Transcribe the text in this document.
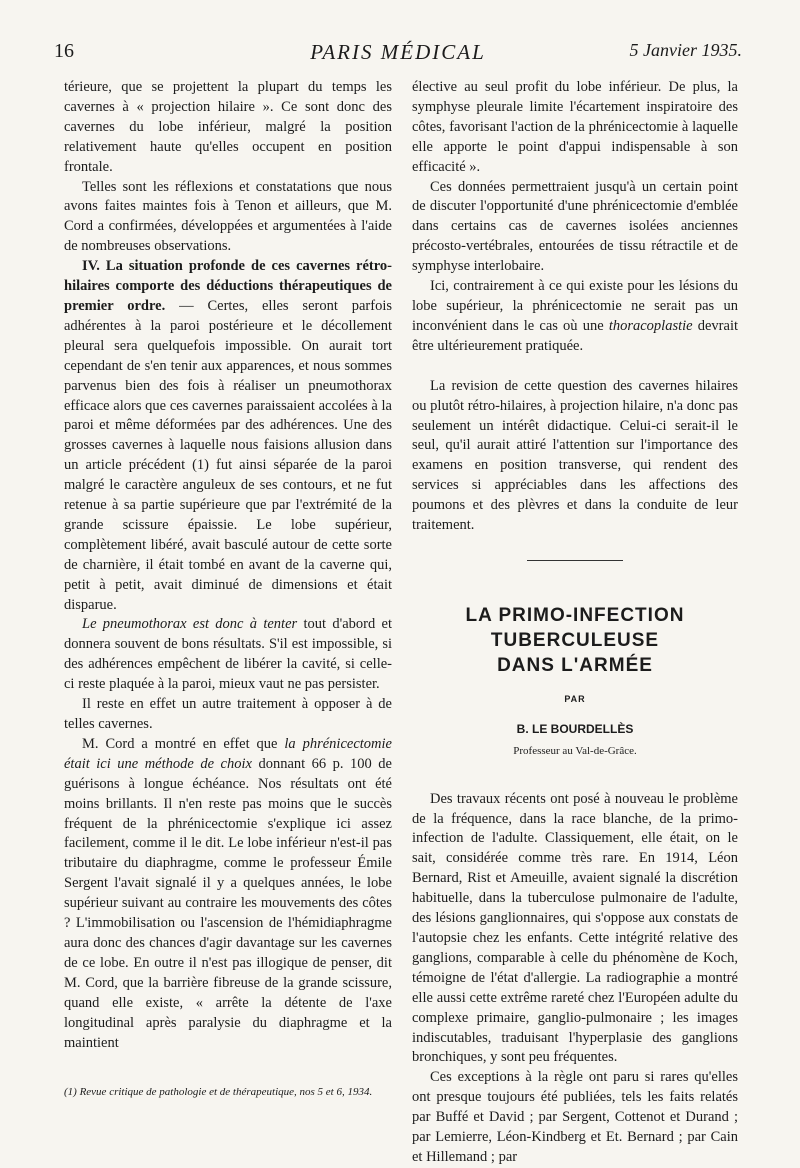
16	PARIS MÉDICAL	5 Janvier 1935.

térieure, que se projettent la plupart du temps les cavernes à « projection hilaire ». Ce sont donc des cavernes du lobe inférieur, malgré la position relativement haute qu'elles occupent en position frontale.

Telles sont les réflexions et constatations que nous avons faites maintes fois à Tenon et ailleurs, que M. Cord a confirmées, développées et argumentées à l'aide de nombreuses observations.

IV. La situation profonde de ces cavernes rétro-hilaires comporte des déductions thérapeutiques de premier ordre. — Certes, elles seront parfois adhérentes à la paroi postérieure et le décollement pleural sera quelquefois impossible. On aurait tort cependant de s'en tenir aux apparences, et nous sommes parvenus bien des fois à réaliser un pneumothorax efficace alors que ces cavernes paraissaient accolées à la paroi et même déformées par des adhérences. Une des grosses cavernes à laquelle nous faisions allusion dans un article précédent (1) fut ainsi séparée de la paroi malgré le caractère anguleux de ses contours, et ne fut retenue à sa partie supérieure que par l'extrémité de la grande scissure épaissie. Le lobe supérieur, complètement libéré, avait basculé autour de cette sorte de charnière, il était tombé en avant de la caverne qui, petit à petit, avait diminué de dimensions et était disparue.

Le pneumothorax est donc à tenter tout d'abord et donnera souvent de bons résultats. S'il est impossible, si des adhérences empêchent de libérer la cavité, si celle-ci reste plaquée à la paroi, mieux vaut ne pas persister.

Il reste en effet un autre traitement à opposer à de telles cavernes.

M. Cord a montré en effet que la phrénicectomie était ici une méthode de choix donnant 66 p. 100 de guérisons à longue échéance. Nos résultats ont été moins brillants. Il n'en reste pas moins que le succès fréquent de la phrénicectomie s'explique ici assez facilement, comme il le dit. Le lobe inférieur n'est-il pas tributaire du diaphragme, comme le professeur Émile Sergent l'avait signalé il y a quelques années, le lobe supérieur suivant au contraire les mouvements des côtes ? L'immobilisation ou l'ascension de l'hémidiaphragme aura donc des chances d'agir davantage sur les cavernes de ce lobe. En outre il n'est pas illogique de penser, dit M. Cord, que la barrière fibreuse de la grande scissure, quand elle existe, « arrête la détente de l'axe longitudinal après paralysie du diaphragme et la maintient

(1) Revue critique de pathologie et de thérapeutique, nos 5 et 6, 1934.

élective au seul profit du lobe inférieur. De plus, la symphyse pleurale limite l'écartement inspiratoire des côtes, favorisant l'action de la phrénicectomie à laquelle elle apporte le point d'appui indispensable à son efficacité ».

Ces données permettraient jusqu'à un certain point de discuter l'opportunité d'une phrénicectomie d'emblée dans certains cas de cavernes isolées anciennes précosto-vertébrales, entourées de tissu rétractile et de symphyse interlobaire.

Ici, contrairement à ce qui existe pour les lésions du lobe supérieur, la phrénicectomie ne serait pas un inconvénient dans le cas où une thoracoplastie devrait être ultérieurement pratiquée.

La revision de cette question des cavernes hilaires ou plutôt rétro-hilaires, à projection hilaire, n'a donc pas seulement un intérêt didactique. Celui-ci serait-il le seul, qu'il aurait attiré l'attention sur l'importance des examens en position transverse, qui rendent des services si appréciables dans les affections des poumons et des plèvres et dans la conduite de leur traitement.

LA PRIMO-INFECTION
TUBERCULEUSE
DANS L'ARMÉE
PAR
B. LE BOURDELLÈS
Professeur au Val-de-Grâce.

Des travaux récents ont posé à nouveau le problème de la fréquence, dans la race blanche, de la primo-infection de l'adulte. Classiquement, elle était, on le sait, considérée comme très rare. En 1914, Léon Bernard, Rist et Ameuille, avaient signalé la discrétion habituelle, dans la tuberculose pulmonaire de l'adulte, des lésions ganglionnaires, qui s'oppose aux constats de l'autopsie chez les enfants. Cette intégrité relative des ganglions, comparable à celle du phénomène de Koch, témoigne de l'état d'allergie. La radiographie a montré elle aussi cette extrême rareté chez l'Européen adulte du complexe primaire, ganglio-pulmonaire ; les images indiscutables, traduisant l'hyperplasie des ganglions bronchiques, y sont peu fréquentes.

Ces exceptions à la règle ont paru si rares qu'elles ont presque toujours été publiées, tels les faits relatés par Buffé et David ; par Sergent, Cottenot et Durand ; par Lemierre, Léon-Kindberg et Et. Bernard ; par Cain et Hillemand ; par
